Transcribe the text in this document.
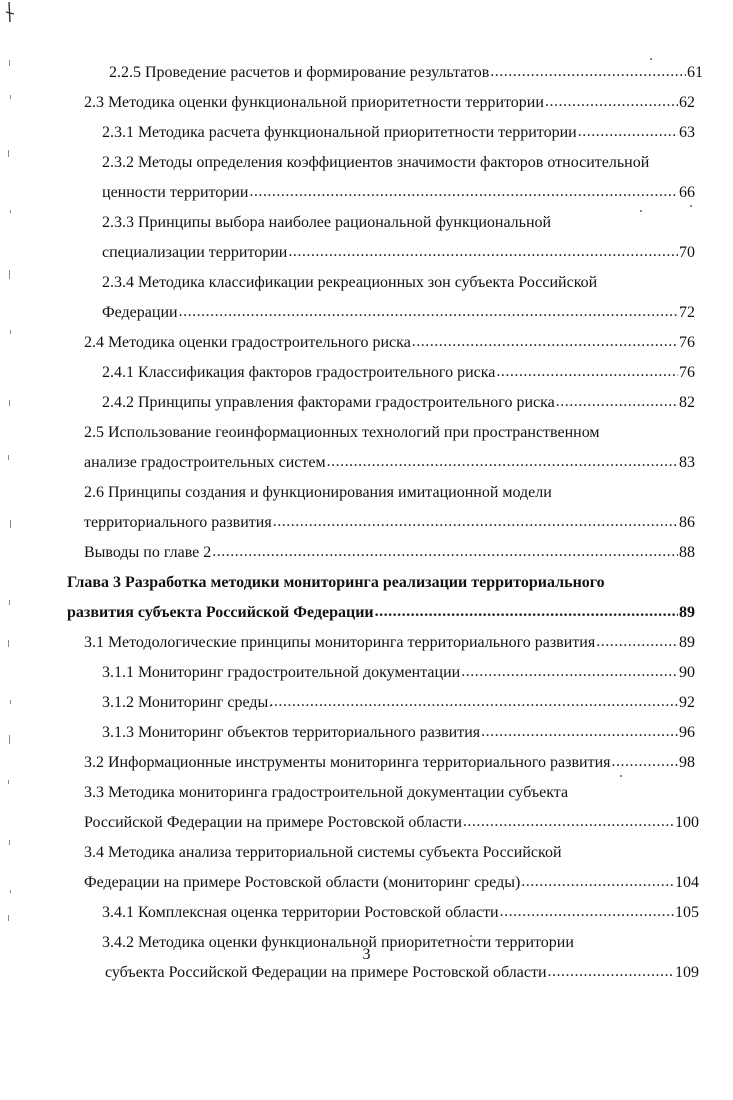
2.2.5 Проведение расчетов и формирование результатов .....	61
2.3 Методика оценки функциональной приоритетности территории .....	62
2.3.1 Методика расчета функциональной приоритетности территории .....	63
2.3.2 Методы определения коэффициентов значимости факторов относительной
ценности территории .....	66
2.3.3 Принципы выбора наиболее рациональной функциональной
специализации территории .....	70
2.3.4 Методика классификации рекреационных зон субъекта Российской
Федерации .....	72
2.4 Методика оценки градостроительного риска .....	76
2.4.1 Классификация факторов градостроительного риска .....	76
2.4.2 Принципы управления факторами градостроительного риска .....	82
2.5 Использование геоинформационных технологий при пространственном
анализе градостроительных систем .....	83
2.6 Принципы создания и функционирования имитационной модели
территориального развития .....	86
Выводы по главе 2 .....	88
Глава 3 Разработка методики мониторинга реализации территориального
развития субъекта Российской Федерации .....	89
3.1 Методологические принципы мониторинга территориального развития .....	89
3.1.1 Мониторинг градостроительной документации .....	90
3.1.2 Мониторинг среды .....	92
3.1.3 Мониторинг объектов территориального развития .....	96
3.2 Информационные инструменты мониторинга территориального развития .....	98
3.3 Методика мониторинга градостроительной документации субъекта
Российской Федерации на примере Ростовской области .....	100
3.4 Методика анализа территориальной системы субъекта Российской
Федерации на примере Ростовской области (мониторинг среды) .....	104
3.4.1 Комплексная оценка территории Ростовской области .....	105
3.4.2 Методика оценки функциональной приоритетности территории
субъекта Российской Федерации на примере Ростовской области .....	109
3
